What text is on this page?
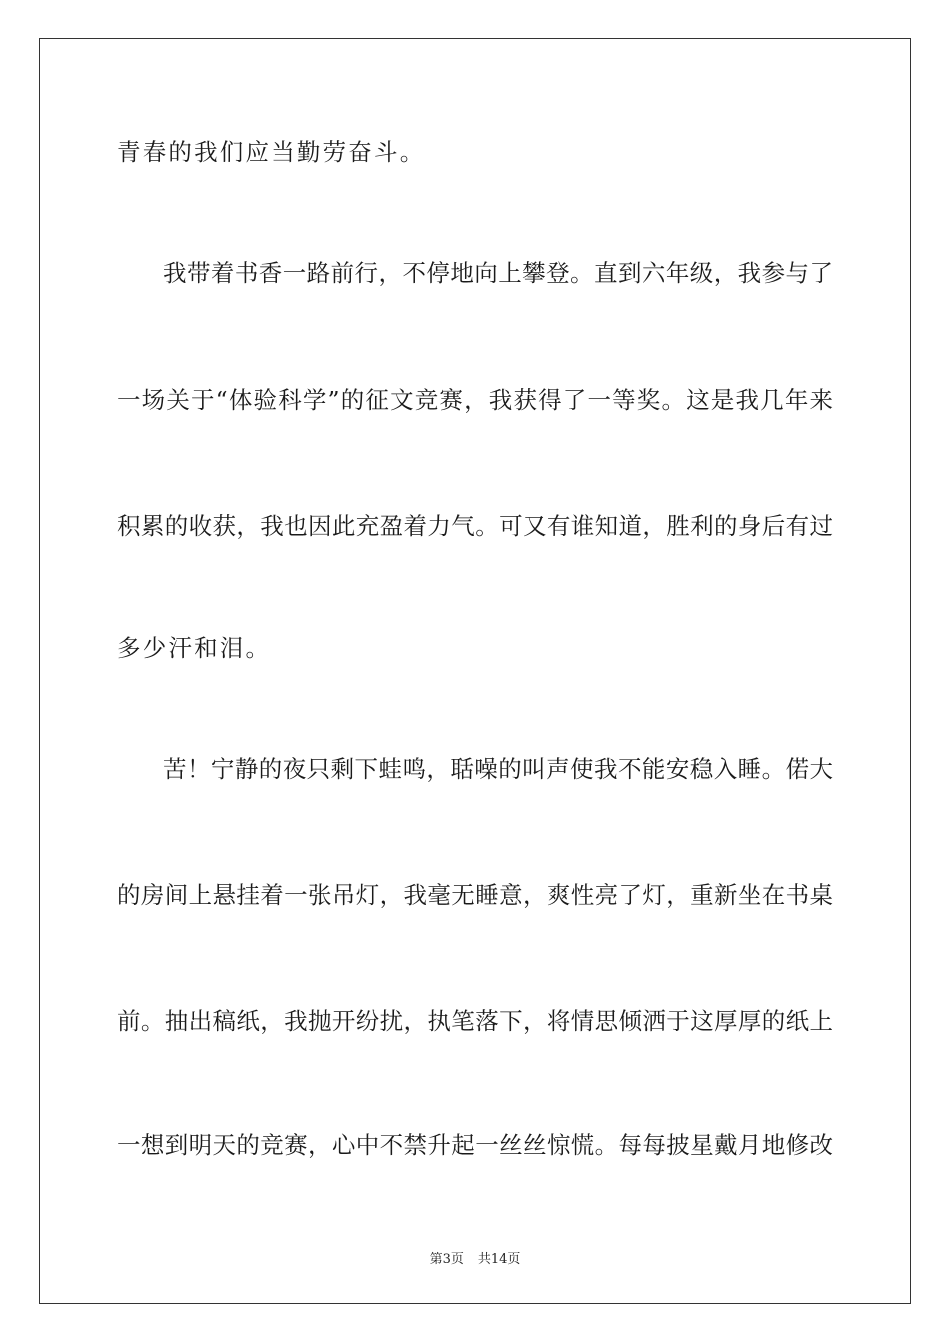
青春的我们应当勤劳奋斗。
我带着书香一路前行，不停地向上攀登。直到六年级，我参与了
一场关于“体验科学”的征文竞赛，我获得了一等奖。这是我几年来
积累的收获，我也因此充盈着力气。可又有谁知道，胜利的身后有过
多少汗和泪。
苦！宁静的夜只剩下蛙鸣，聒噪的叫声使我不能安稳入睡。偌大
的房间上悬挂着一张吊灯，我毫无睡意，爽性亮了灯，重新坐在书桌
前。抽出稿纸，我抛开纷扰，执笔落下，将情思倾洒于这厚厚的纸上
一想到明天的竞赛，心中不禁升起一丝丝惊慌。每每披星戴月地修改
第3页 共14页
